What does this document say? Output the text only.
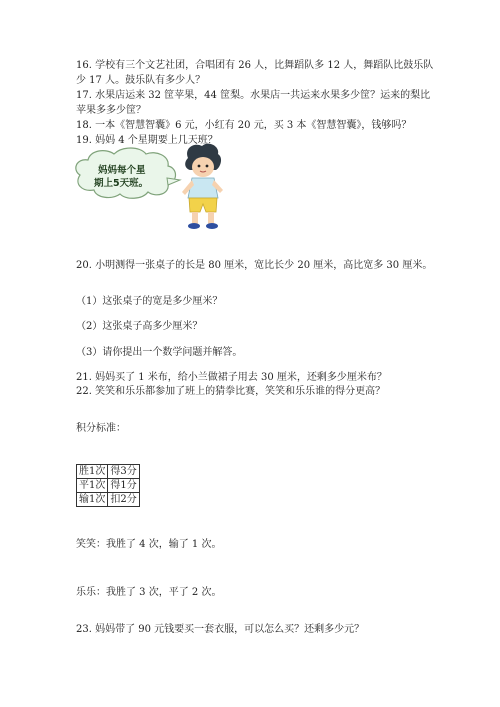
16. 学校有三个文艺社团，合唱团有 26 人，比舞蹈队多 12 人，舞蹈队比鼓乐队
少 17 人。鼓乐队有多少人？
17. 水果店运来 32 筐苹果，44 筐梨。水果店一共运来水果多少筐？运来的梨比
苹果多多少筐？
18. 一本《智慧智囊》6 元，小红有 20 元，买 3 本《智慧智囊》，钱够吗？
19. 妈妈 4 个星期要上几天班？
妈妈每个星
期上5天班。
20. 小明测得一张桌子的长是 80 厘米，宽比长少 20 厘米，高比宽多 30 厘米。
（1）这张桌子的宽是多少厘米？
（2）这张桌子高多少厘米？
（3）请你提出一个数学问题并解答。
21. 妈妈买了 1 米布，给小兰做裙子用去 30 厘米，还剩多少厘米布？
22. 笑笑和乐乐都参加了班上的猜拳比赛，笑笑和乐乐谁的得分更高？
积分标准：
胜1次	得3分
平1次	得1分
输1次	扣2分
笑笑：我胜了 4 次，输了 1 次。
乐乐：我胜了 3 次，平了 2 次。
23. 妈妈带了 90 元钱要买一套衣服，可以怎么买？还剩多少元？
